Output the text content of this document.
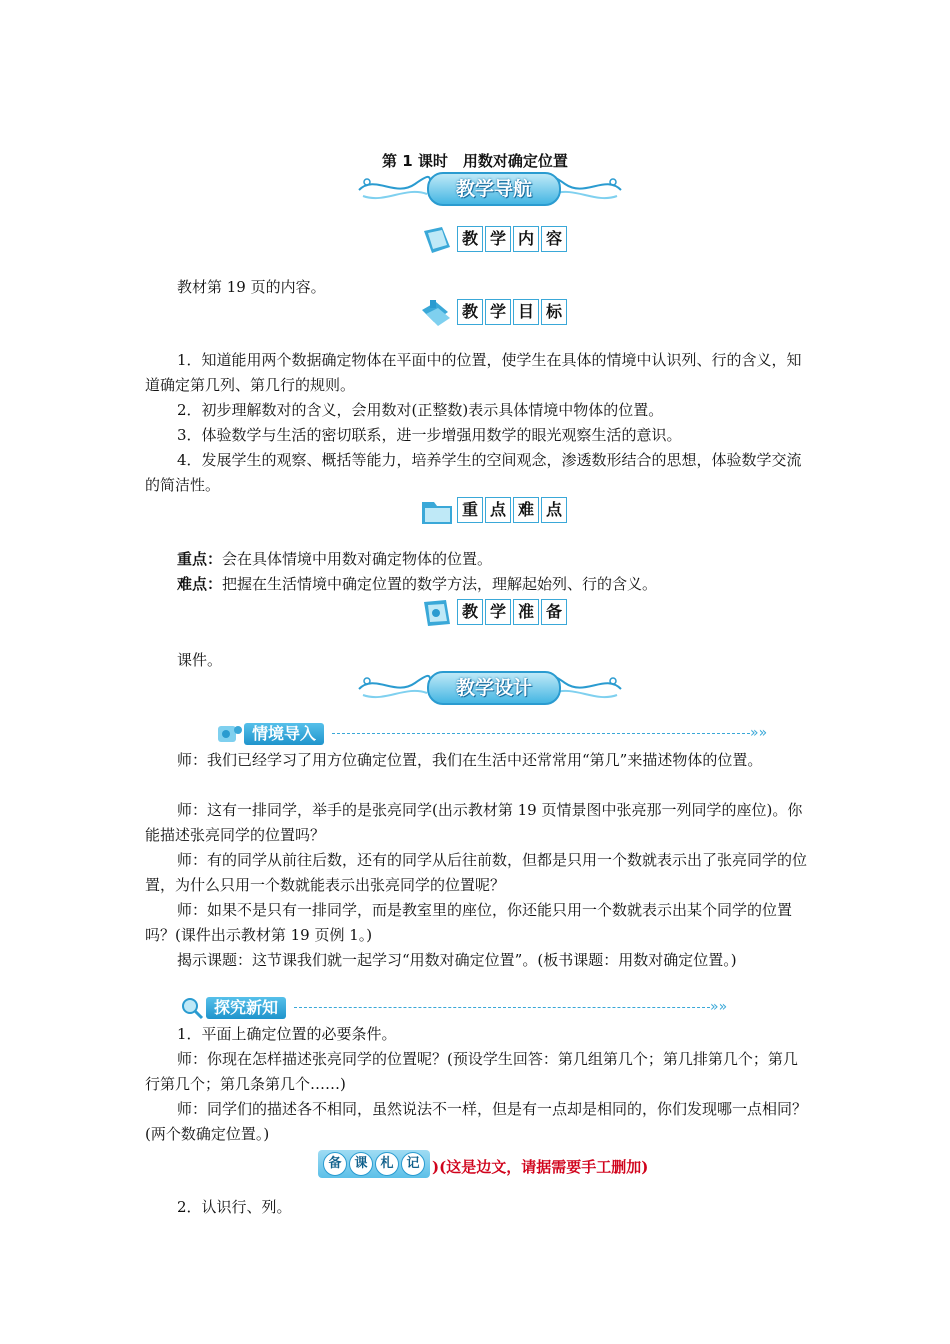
第 1 课时　用数对确定位置
教学导航
教 学 内 容

教材第 19 页的内容。

教 学 目 标

1．知道能用两个数据确定物体在平面中的位置，使学生在具体的情境中认识列、行的含义，知道确定第几列、第几行的规则。

2．初步理解数对的含义，会用数对(正整数)表示具体情境中物体的位置。

3．体验数学与生活的密切联系，进一步增强用数学的眼光观察生活的意识。

4．发展学生的观察、概括等能力，培养学生的空间观念，渗透数形结合的思想，体验数学交流的简洁性。

重 点 难 点

重点：会在具体情境中用数对确定物体的位置。

难点：把握在生活情境中确定位置的数学方法，理解起始列、行的含义。

教 学 准 备

课件。

教学设计
情境导入	»»

师：我们已经学习了用方位确定位置，我们在生活中还常常用“第几”来描述物体的位置。

师：这有一排同学，举手的是张亮同学(出示教材第 19 页情景图中张亮那一列同学的座位)。你能描述张亮同学的位置吗？

师：有的同学从前往后数，还有的同学从后往前数，但都是只用一个数就表示出了张亮同学的位置，为什么只用一个数就能表示出张亮同学的位置呢？

师：如果不是只有一排同学，而是教室里的座位，你还能只用一个数就表示出某个同学的位置吗？(课件出示教材第 19 页例 1。)

揭示课题：这节课我们就一起学习“用数对确定位置”。(板书课题：用数对确定位置。)

探究新知	»»

1．平面上确定位置的必要条件。

师：你现在怎样描述张亮同学的位置呢？(预设学生回答：第几组第几个；第几排第几个；第几行第几个；第几条第几个……)

师：同学们的描述各不相同，虽然说法不一样，但是有一点却是相同的，你们发现哪一点相同？(两个数确定位置。)

备 课 札 记 )(这是边文，请据需要手工删加)

2．认识行、列。
